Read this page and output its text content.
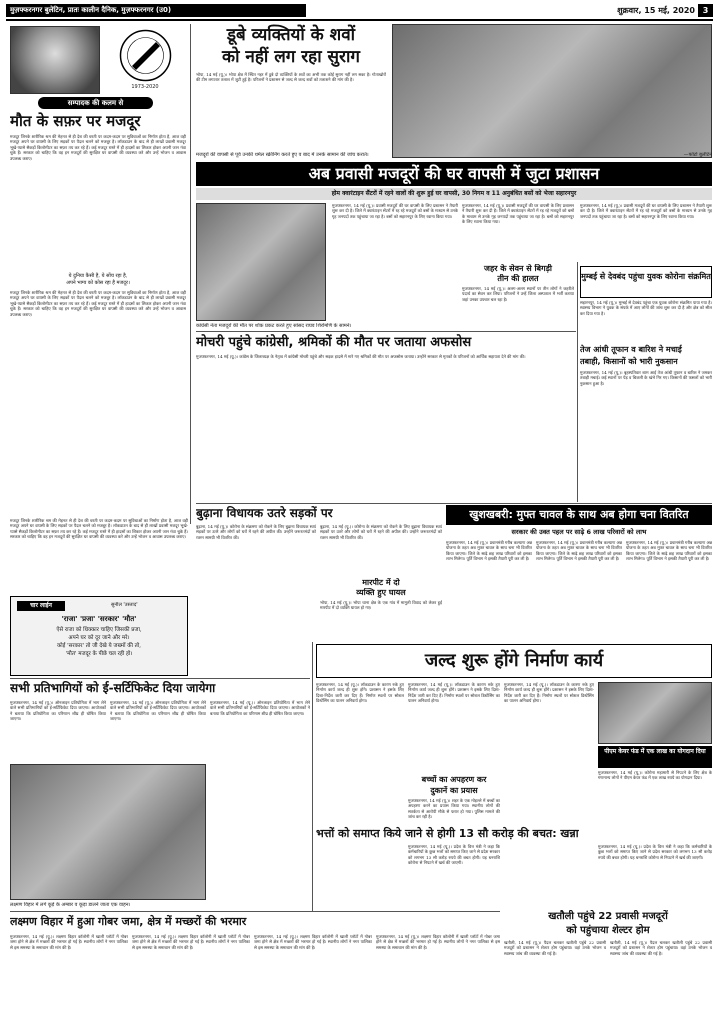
मुज़फ्फरनगर बुलेटिन, प्रातः कालीन दैनिक, मुज़फ्फरनगर (उ0)	शुक्रवार, 15 मई, 2020 3
1973-2020
सम्पादक की कलम से
मौत के सफ़र पर मजदूर
मजदूर जिनके शारीरिक श्रम की मेहनत से ही देश की धरती पर कदम-कदम पर सुविधाओं का निर्माण होता है, आज वही मजदूर अपने घर वापसी के लिए सड़कों पर पैदल चलने को मजबूर है। लॉकडाउन के बाद से ही लाखों प्रवासी मजदूर भूखे-प्यासे सैकड़ों किलोमीटर का सफ़र तय कर रहे हैं। कई मजदूर रास्ते में ही हादसों का शिकार होकर अपनी जान गंवा चुके हैं। सरकार को चाहिए कि वह इन मजदूरों की सुरक्षित घर वापसी की व्यवस्था करे और उन्हें भोजन व आवास उपलब्ध कराए।
ये दुनिया कैसी है, ये सोंच रहा है,
अपने भाग्य को कोस रहा है मजदूर।
मजदूर जिनके शारीरिक श्रम की मेहनत से ही देश की धरती पर कदम-कदम पर सुविधाओं का निर्माण होता है, आज वही मजदूर अपने घर वापसी के लिए सड़कों पर पैदल चलने को मजबूर है। लॉकडाउन के बाद से ही लाखों प्रवासी मजदूर भूखे-प्यासे सैकड़ों किलोमीटर का सफ़र तय कर रहे हैं। कई मजदूर रास्ते में ही हादसों का शिकार होकर अपनी जान गंवा चुके हैं। सरकार को चाहिए कि वह इन मजदूरों की सुरक्षित घर वापसी की व्यवस्था करे और उन्हें भोजन व आवास उपलब्ध कराए।
डूबे व्यक्तियों के शवों
को नहीं लग रहा सुराग
भोपा, 14 मई (यू.)। भोपा क्षेत्र में स्थित नहर में डूबे दो व्यक्तियों के शवों का अभी तक कोई सुराग नहीं लग सका है। गोताखोरों की टीम लगातार तलाश में जुटी हुई है। परिजनों ने प्रशासन से जल्द से जल्द शवों को तलाशने की मांग की है।
मजदूरों की वापसी से पूर्व उनकी थर्मल स्क्रीनिंग करते हुए व बाद में उनके सामान की जांच कराते।	—फोटो बुलेटिन
अब प्रवासी मजदूरों की घर वापसी में जुटा प्रशासन
होम क्वारंटाइन सैंटरों में रहने वालों की शुरू हुई घर वापसी, 30 निगम व 11 अनुबंधित बसों को भेजा सहारनपुर
मुजफ्फरनगर, 14 मई (यू.)। प्रवासी मजदूरों की घर वापसी के लिए प्रशासन ने तैयारी शुरू कर दी है। जिले में क्वारंटाइन सेंटरों में रह रहे मजदूरों को बसों के माध्यम से उनके गृह जनपदों तक पहुंचाया जा रहा है। बसों को सहारनपुर के लिए रवाना किया गया।
मुजफ्फरनगर, 14 मई (यू.)। प्रवासी मजदूरों की घर वापसी के लिए प्रशासन ने तैयारी शुरू कर दी है। जिले में क्वारंटाइन सेंटरों में रह रहे मजदूरों को बसों के माध्यम से उनके गृह जनपदों तक पहुंचाया जा रहा है। बसों को सहारनपुर के लिए रवाना किया गया।
मुजफ्फरनगर, 14 मई (यू.)। प्रवासी मजदूरों की घर वापसी के लिए प्रशासन ने तैयारी शुरू कर दी है। जिले में क्वारंटाइन सेंटरों में रह रहे मजदूरों को बसों के माध्यम से उनके गृह जनपदों तक पहुंचाया जा रहा है। बसों को सहारनपुर के लिए रवाना किया गया।
जहर के सेवन से बिगड़ी
तीन की हालत
मुजफ्फरनगर, 14 मई (यू.)। अलग-अलग स्थानों पर तीन लोगों ने जहरीले पदार्थ का सेवन कर लिया। परिजनों ने उन्हें जिला अस्पताल में भर्ती कराया जहां उनका उपचार चल रहा है।
कांग्रेसी नेता मजदूरों की मौत पर शोक प्रकट करते हुए सांसद राघव शिरोमणि के सामने।
मुम्बई से देवबंद पहुंचा युवक कोरोना संक्रमित
सहारनपुर, 14 मई (यू.)। मुम्बई से देवबंद पहुंचा एक युवक कोरोना संक्रमित पाया गया है। स्वास्थ्य विभाग ने युवक के संपर्क में आए लोगों की जांच शुरू कर दी है और क्षेत्र को सील कर दिया गया है।
मोचरी पहुंचे कांग्रेसी, श्रमिकों की मौत पर जताया अफसोस
मुजफ्फरनगर, 14 मई (यू.)। कांग्रेस के जिलाध्यक्ष के नेतृत्व में कांग्रेसी मोचरी पहुंचे और सड़क हादसे में मारे गए श्रमिकों की मौत पर अफसोस जताया। उन्होंने सरकार से मृतकों के परिजनों को आर्थिक सहायता देने की मांग की।
तेज आंधी तूफान व बारिश ने मचाई
तबाही, किसानों को भारी नुकसान
मुजफ्फरनगर, 14 मई (यू.)। बृहस्पतिवार शाम आई तेज आंधी तूफान व बारिश ने जमकर तबाही मचाई। कई स्थानों पर पेड़ व बिजली के खंभे गिर गए। किसानों की फसलों को भारी नुकसान हुआ है।
बुढ़ाना विधायक उतरे सड़कों पर
बुढ़ाना, 14 मई (यू.)। कोरोना के संक्रमण को रोकने के लिए बुढ़ाना विधायक स्वयं सड़कों पर उतरे और लोगों को घरों में रहने की अपील की। उन्होंने जरूरतमंदों को राशन सामग्री भी वितरित की।
मारपीट में दो
व्यक्ति हुए घायल
भोपा, 14 मई (यू.)। भोपा थाना क्षेत्र के एक गांव में मामूली विवाद को लेकर हुई मारपीट में दो व्यक्ति घायल हो गए।
बुढ़ाना, 14 मई (यू.)। कोरोना के संक्रमण को रोकने के लिए बुढ़ाना विधायक स्वयं सड़कों पर उतरे और लोगों को घरों में रहने की अपील की। उन्होंने जरूरतमंदों को राशन सामग्री भी वितरित की।
खुशखबरी: मुफ्त चावल के साथ अब होगा चना वितरित
सरकार की उक्त पहल पर साढ़े 6 लाख परिवारों को लाभ
मुजफ्फरनगर, 14 मई (यू.)। प्रधानमंत्री गरीब कल्याण अन्न योजना के तहत अब मुफ्त चावल के साथ चना भी वितरित किया जाएगा। जिले के साढ़े छह लाख परिवारों को इसका लाभ मिलेगा। पूर्ति विभाग ने इसकी तैयारी पूरी कर ली है।
मुजफ्फरनगर, 14 मई (यू.)। प्रधानमंत्री गरीब कल्याण अन्न योजना के तहत अब मुफ्त चावल के साथ चना भी वितरित किया जाएगा। जिले के साढ़े छह लाख परिवारों को इसका लाभ मिलेगा। पूर्ति विभाग ने इसकी तैयारी पूरी कर ली है।
मुजफ्फरनगर, 14 मई (यू.)। प्रधानमंत्री गरीब कल्याण अन्न योजना के तहत अब मुफ्त चावल के साथ चना भी वितरित किया जाएगा। जिले के साढ़े छह लाख परिवारों को इसका लाभ मिलेगा। पूर्ति विभाग ने इसकी तैयारी पूरी कर ली है।
चार लाईन	सुनील 'उस्ताद'
'राजा' 'प्रजा' 'सरकार' 'मौत'
ऐसे राजा को धिक्कार चाहिए जिसकी प्रजा,
अपने घर को दूर जाने और मरे।
कोई 'सरकार' तो जी देखे ये जख्मों की तो,
'मौत' मजदूर के पीछे चल रही हो।
मजदूर जिनके शारीरिक श्रम की मेहनत से ही देश की धरती पर कदम-कदम पर सुविधाओं का निर्माण होता है, आज वही मजदूर अपने घर वापसी के लिए सड़कों पर पैदल चलने को मजबूर है। लॉकडाउन के बाद से ही लाखों प्रवासी मजदूर भूखे-प्यासे सैकड़ों किलोमीटर का सफ़र तय कर रहे हैं। कई मजदूर रास्ते में ही हादसों का शिकार होकर अपनी जान गंवा चुके हैं। सरकार को चाहिए कि वह इन मजदूरों की सुरक्षित घर वापसी की व्यवस्था करे और उन्हें भोजन व आवास उपलब्ध कराए।
सभी प्रतिभागियों को ई-सर्टिफिकेट दिया जायेगा
मुजफ्फरनगर, 14 मई (यू.)। ऑनलाइन प्रतियोगिता में भाग लेने वाले सभी प्रतिभागियों को ई-सर्टिफिकेट दिया जाएगा। आयोजकों ने बताया कि प्रतियोगिता का परिणाम शीघ्र ही घोषित किया जाएगा।
मुजफ्फरनगर, 14 मई (यू.)। ऑनलाइन प्रतियोगिता में भाग लेने वाले सभी प्रतिभागियों को ई-सर्टिफिकेट दिया जाएगा। आयोजकों ने बताया कि प्रतियोगिता का परिणाम शीघ्र ही घोषित किया जाएगा।
मुजफ्फरनगर, 14 मई (यू.)। ऑनलाइन प्रतियोगिता में भाग लेने वाले सभी प्रतिभागियों को ई-सर्टिफिकेट दिया जाएगा। आयोजकों ने बताया कि प्रतियोगिता का परिणाम शीघ्र ही घोषित किया जाएगा।
लक्ष्मण विहार में लगे कूड़े के अम्बार व कूड़ा डालने जाता एक वाहन।
जल्द शुरू होंगे निर्माण कार्य
मुजफ्फरनगर, 14 मई (यू.)। लॉकडाउन के कारण रुके हुए निर्माण कार्य जल्द ही शुरू होंगे। प्रशासन ने इसके लिए दिशा-निर्देश जारी कर दिए हैं। निर्माण स्थलों पर सोशल डिस्टेंसिंग का पालन अनिवार्य होगा।
मुजफ्फरनगर, 14 मई (यू.)। लॉकडाउन के कारण रुके हुए निर्माण कार्य जल्द ही शुरू होंगे। प्रशासन ने इसके लिए दिशा-निर्देश जारी कर दिए हैं। निर्माण स्थलों पर सोशल डिस्टेंसिंग का पालन अनिवार्य होगा।
मुजफ्फरनगर, 14 मई (यू.)। लॉकडाउन के कारण रुके हुए निर्माण कार्य जल्द ही शुरू होंगे। प्रशासन ने इसके लिए दिशा-निर्देश जारी कर दिए हैं। निर्माण स्थलों पर सोशल डिस्टेंसिंग का पालन अनिवार्य होगा।
बच्चों का अपहरण कर
दुकानें का प्रयास
मुजफ्फरनगर, 14 मई (यू.)। शहर के एक मोहल्ले में बच्चों का अपहरण करने का प्रयास किया गया। स्थानीय लोगों की सतर्कता से आरोपी मौके से फरार हो गया। पुलिस मामले की जांच कर रही है।
पीएम केयर फंड में एक लाख का योगदान दिया
मुजफ्फरनगर, 14 मई (यू.)। कोरोना महामारी से निपटने के लिए क्षेत्र के गणमान्य लोगों ने पीएम केयर फंड में एक लाख रुपये का योगदान दिया।
भत्तों को समाप्त किये जाने से होगी 13 सौ करोड़ की बचत: खन्ना
मुजफ्फरनगर, 14 मई (यू.)। प्रदेश के वित्त मंत्री ने कहा कि कर्मचारियों के कुछ भत्तों को समाप्त किए जाने से प्रदेश सरकार को लगभग 13 सौ करोड़ रुपये की बचत होगी। यह धनराशि कोरोना से निपटने में खर्च की जाएगी।
मुजफ्फरनगर, 14 मई (यू.)। प्रदेश के वित्त मंत्री ने कहा कि कर्मचारियों के कुछ भत्तों को समाप्त किए जाने से प्रदेश सरकार को लगभग 13 सौ करोड़ रुपये की बचत होगी। यह धनराशि कोरोना से निपटने में खर्च की जाएगी।
खतौली पहुंचे 22 प्रवासी मजदूरों
को पहुंचाया शेल्टर होम
खतौली, 14 मई (यू.)। पैदल चलकर खतौली पहुंचे 22 प्रवासी मजदूरों को प्रशासन ने शेल्टर होम पहुंचाया। वहां उनके भोजन व स्वास्थ्य जांच की व्यवस्था की गई है।
खतौली, 14 मई (यू.)। पैदल चलकर खतौली पहुंचे 22 प्रवासी मजदूरों को प्रशासन ने शेल्टर होम पहुंचाया। वहां उनके भोजन व स्वास्थ्य जांच की व्यवस्था की गई है।
लक्ष्मण विहार में हुआ गोबर जमा, क्षेत्र में मच्छरों की भरमार
मुजफ्फरनगर, 14 मई (यू.)। लक्ष्मण विहार कॉलोनी में खाली प्लॉटों में गोबर जमा होने से क्षेत्र में मच्छरों की भरमार हो गई है। स्थानीय लोगों ने नगर पालिका से इस समस्या के समाधान की मांग की है।
मुजफ्फरनगर, 14 मई (यू.)। लक्ष्मण विहार कॉलोनी में खाली प्लॉटों में गोबर जमा होने से क्षेत्र में मच्छरों की भरमार हो गई है। स्थानीय लोगों ने नगर पालिका से इस समस्या के समाधान की मांग की है।
मुजफ्फरनगर, 14 मई (यू.)। लक्ष्मण विहार कॉलोनी में खाली प्लॉटों में गोबर जमा होने से क्षेत्र में मच्छरों की भरमार हो गई है। स्थानीय लोगों ने नगर पालिका से इस समस्या के समाधान की मांग की है।
मुजफ्फरनगर, 14 मई (यू.)। लक्ष्मण विहार कॉलोनी में खाली प्लॉटों में गोबर जमा होने से क्षेत्र में मच्छरों की भरमार हो गई है। स्थानीय लोगों ने नगर पालिका से इस समस्या के समाधान की मांग की है।
